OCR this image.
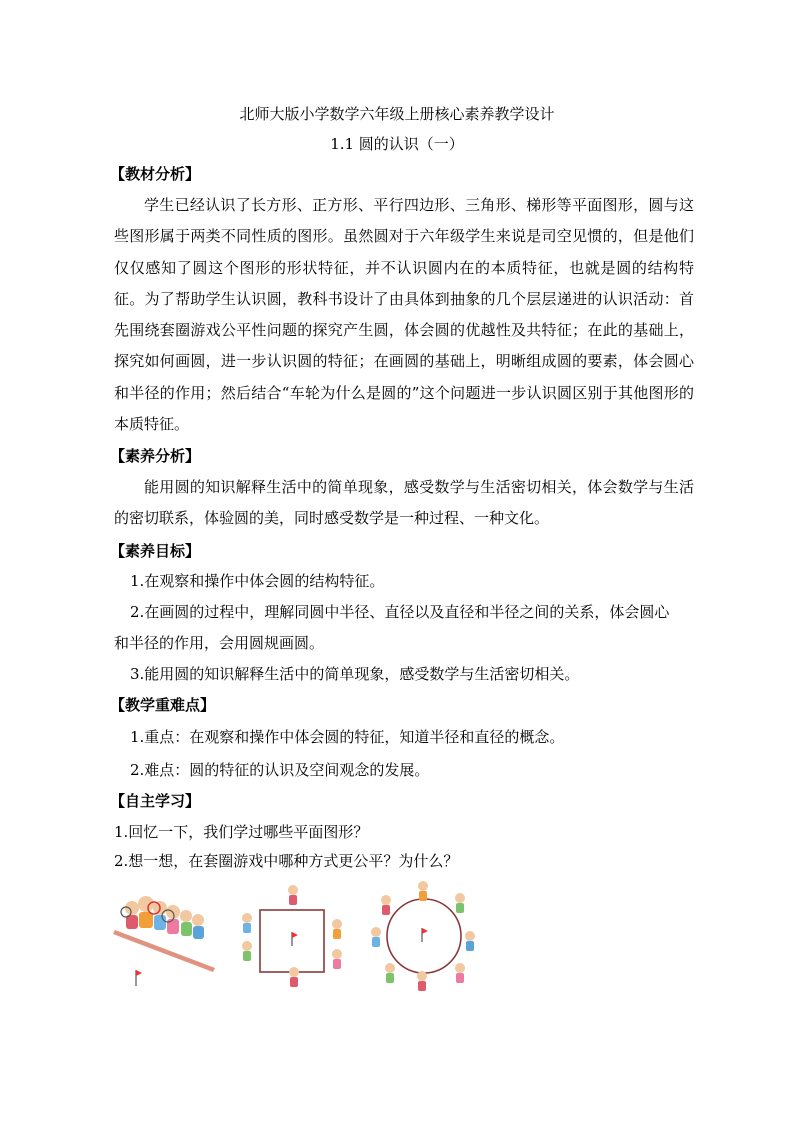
北师大版小学数学六年级上册核心素养教学设计
1.1 圆的认识（一）
【教材分析】
学生已经认识了长方形、正方形、平行四边形、三角形、梯形等平面图形，圆与这些图形属于两类不同性质的图形。虽然圆对于六年级学生来说是司空见惯的，但是他们仅仅感知了圆这个图形的形状特征，并不认识圆内在的本质特征，也就是圆的结构特征。为了帮助学生认识圆，教科书设计了由具体到抽象的几个层层递进的认识活动：首先围绕套圈游戏公平性问题的探究产生圆，体会圆的优越性及共特征；在此的基础上，探究如何画圆，进一步认识圆的特征；在画圆的基础上，明晰组成圆的要素，体会圆心和半径的作用；然后结合“车轮为什么是圆的”这个问题进一步认识圆区别于其他图形的本质特征。
【素养分析】
能用圆的知识解释生活中的简单现象，感受数学与生活密切相关，体会数学与生活的密切联系，体验圆的美，同时感受数学是一种过程、一种文化。
【素养目标】
1.在观察和操作中体会圆的结构特征。
2.在画圆的过程中，理解同圆中半径、直径以及直径和半径之间的关系，体会圆心
和半径的作用，会用圆规画圆。
3.能用圆的知识解释生活中的简单现象，感受数学与生活密切相关。
【教学重难点】
1.重点：在观察和操作中体会圆的特征，知道半径和直径的概念。
2.难点：圆的特征的认识及空间观念的发展。
【自主学习】
1.回忆一下，我们学过哪些平面图形？
2.想一想，在套圈游戏中哪种方式更公平？为什么？
